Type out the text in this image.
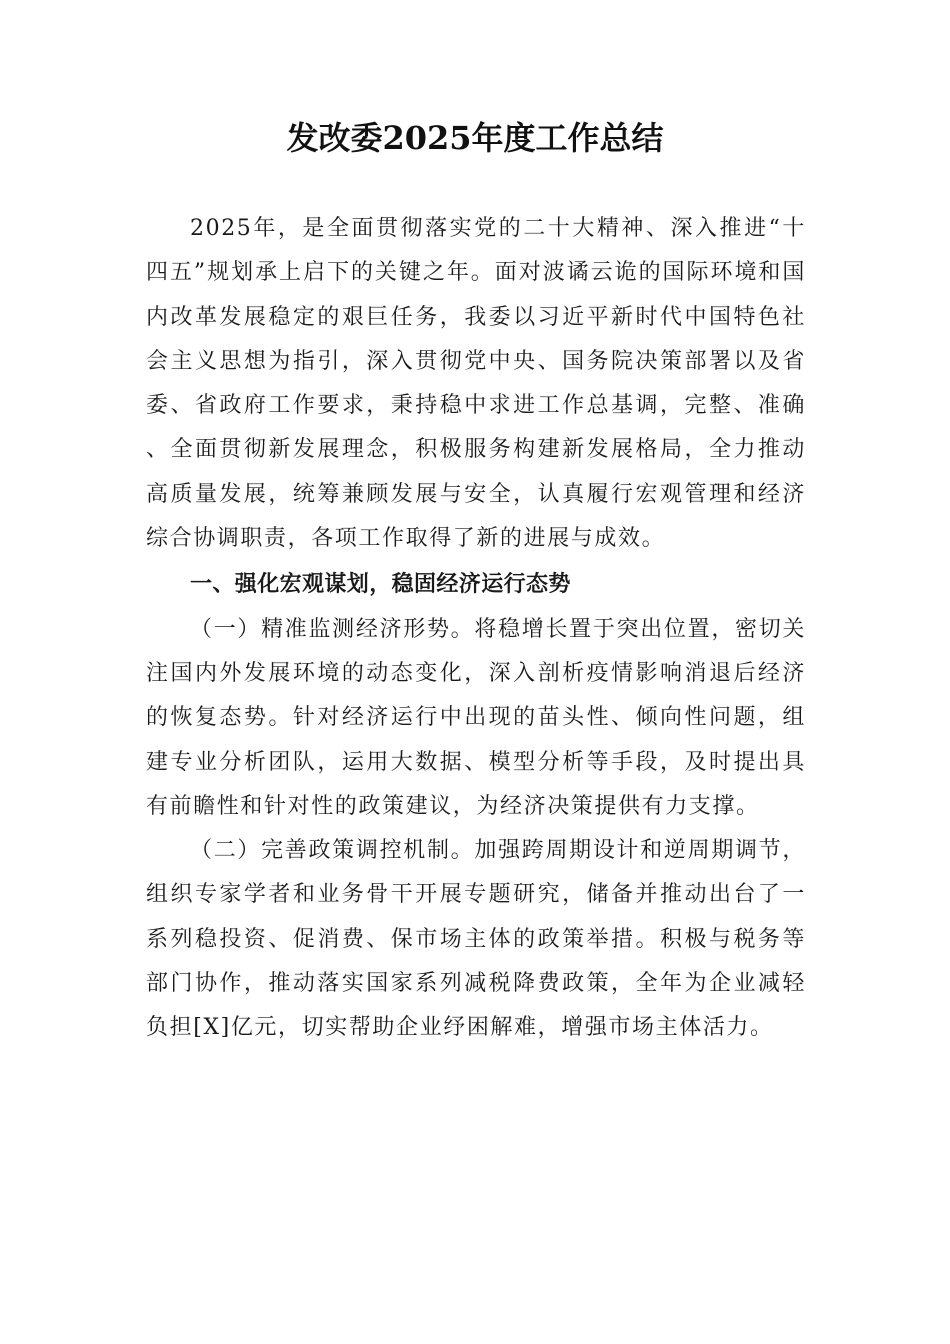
发改委2025年度工作总结

2025年，是全面贯彻落实党的二十大精神、深入推进“十四五”规划承上启下的关键之年。面对波谲云诡的国际环境和国内改革发展稳定的艰巨任务，我委以习近平新时代中国特色社会主义思想为指引，深入贯彻党中央、国务院决策部署以及省委、省政府工作要求，秉持稳中求进工作总基调，完整、准确、全面贯彻新发展理念，积极服务构建新发展格局，全力推动高质量发展，统筹兼顾发展与安全，认真履行宏观管理和经济综合协调职责，各项工作取得了新的进展与成效。

一、强化宏观谋划，稳固经济运行态势

（一）精准监测经济形势。将稳增长置于突出位置，密切关注国内外发展环境的动态变化，深入剖析疫情影响消退后经济的恢复态势。针对经济运行中出现的苗头性、倾向性问题，组建专业分析团队，运用大数据、模型分析等手段，及时提出具有前瞻性和针对性的政策建议，为经济决策提供有力支撑。

（二）完善政策调控机制。加强跨周期设计和逆周期调节，组织专家学者和业务骨干开展专题研究，储备并推动出台了一系列稳投资、促消费、保市场主体的政策举措。积极与税务等部门协作，推动落实国家系列减税降费政策，全年为企业减轻负担[X]亿元，切实帮助企业纾困解难，增强市场主体活力。
